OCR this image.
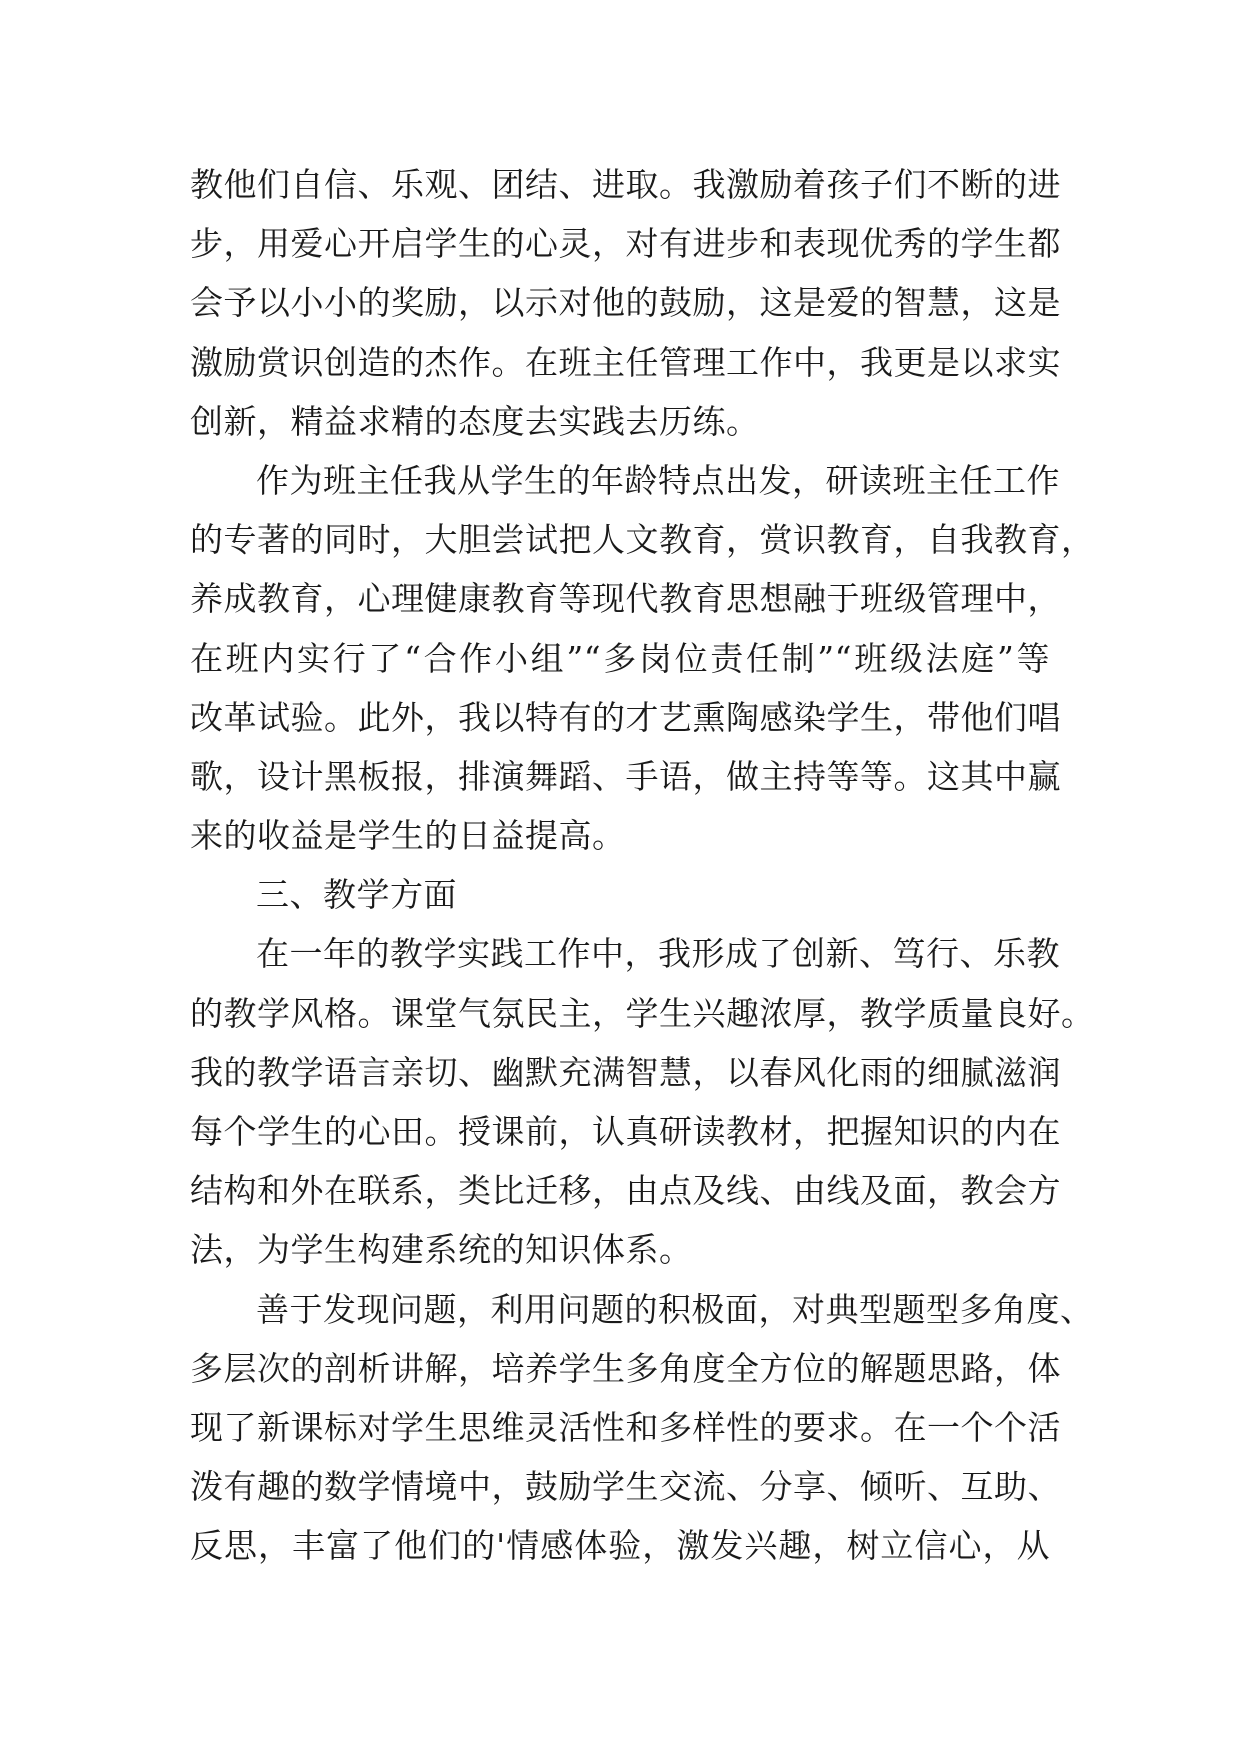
教他们自信、乐观、团结、进取。我激励着孩子们不断的进
步，用爱心开启学生的心灵，对有进步和表现优秀的学生都
会予以小小的奖励，以示对他的鼓励，这是爱的智慧，这是
激励赏识创造的杰作。在班主任管理工作中，我更是以求实
创新，精益求精的态度去实践去历练。
作为班主任我从学生的年龄特点出发，研读班主任工作
的专著的同时，大胆尝试把人文教育，赏识教育，自我教育，
养成教育，心理健康教育等现代教育思想融于班级管理中，
在班内实行了“合作小组”“多岗位责任制”“班级法庭”等
改革试验。此外，我以特有的才艺熏陶感染学生，带他们唱
歌，设计黑板报，排演舞蹈、手语，做主持等等。这其中赢
来的收益是学生的日益提高。
三、教学方面
在一年的教学实践工作中，我形成了创新、笃行、乐教
的教学风格。课堂气氛民主，学生兴趣浓厚，教学质量良好。
我的教学语言亲切、幽默充满智慧，以春风化雨的细腻滋润
每个学生的心田。授课前，认真研读教材，把握知识的内在
结构和外在联系，类比迁移，由点及线、由线及面，教会方
法，为学生构建系统的知识体系。
善于发现问题，利用问题的积极面，对典型题型多角度、
多层次的剖析讲解，培养学生多角度全方位的解题思路，体
现了新课标对学生思维灵活性和多样性的要求。在一个个活
泼有趣的数学情境中，鼓励学生交流、分享、倾听、互助、
反思，丰富了他们的'情感体验，激发兴趣，树立信心，从
